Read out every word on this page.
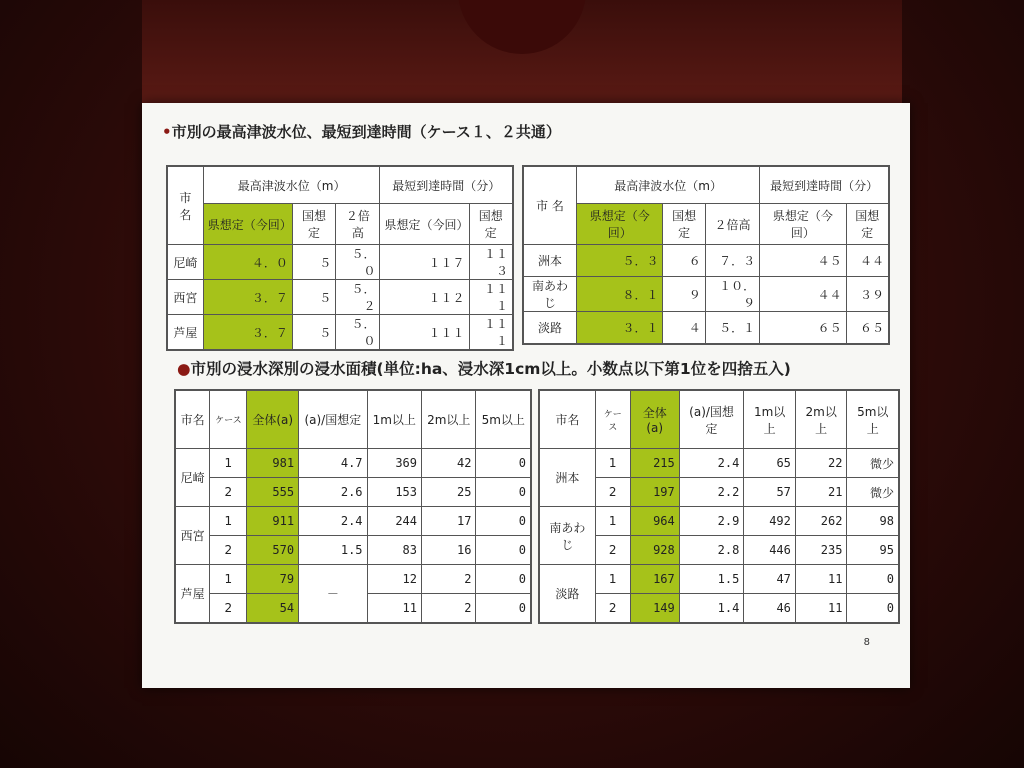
•市別の最高津波水位、最短到達時間（ケース１、２共通）
市 名	最高津波水位（m）			最短到達時間（分）	
	県想定（今回）	国想定	２倍高	県想定（今回）	国想定
尼崎	４．０	５	５．０	１１７	１１３
西宮	３．７	５	５．２	１１２	１１１
芦屋	３．７	５	５．０	１１１	１１１
市 名	最高津波水位（m）			最短到達時間（分）	
	県想定（今回）	国想定	２倍高	県想定（今回）	国想定
洲本	５．３	６	７．３	４５	４４
南あわじ	８．１	９	１０．９	４４	３９
淡路	３．１	４	５．１	６５	６５
●市別の浸水深別の浸水面積(単位:ha、浸水深1cm以上。小数点以下第1位を四捨五入)
市名	ケース	全体(a)	(a)/国想定	1m以上	2m以上	5m以上
尼崎	1	981	4.7	369	42	0
	2	555	2.6	153	25	0
西宮	1	911	2.4	244	17	0
	2	570	1.5	83	16	0
芦屋	1	79	－	12	2	0
	2	54		11	2	0
市名	ケース	全体(a)	(a)/国想定	1m以上	2m以上	5m以上
洲本	1	215	2.4	65	22	微少
	2	197	2.2	57	21	微少
南あわじ	1	964	2.9	492	262	98
	2	928	2.8	446	235	95
淡路	1	167	1.5	47	11	0
	2	149	1.4	46	11	0
8
